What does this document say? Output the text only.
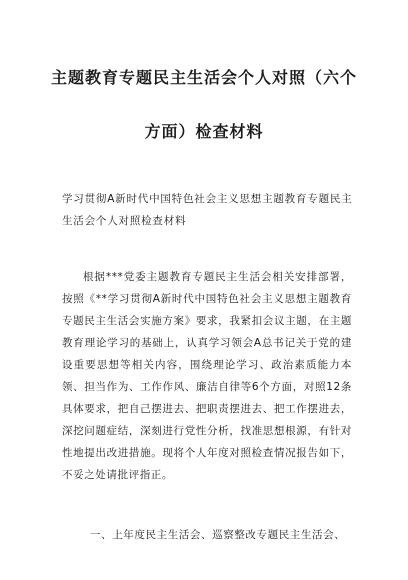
主题教育专题民主生活会个人对照（六个
方面）检查材料

学习贯彻A新时代中国特色社会主义思想主题教育专题民主生活会个人对照检查材料

根据***党委主题教育专题民主生活会相关安排部署，按照《**学习贯彻A新时代中国特色社会主义思想主题教育专题民主生活会实施方案》要求，我紧扣会议主题，在主题教育理论学习的基础上，认真学习领会A总书记关于党的建设重要思想等相关内容，围绕理论学习、政治素质能力本领、担当作为、工作作风、廉洁自律等6个方面，对照12条具体要求，把自己摆进去、把职责摆进去、把工作摆进去，深挖问题症结，深刻进行党性分析，找准思想根源，有针对性地提出改进措施。现将个人年度对照检查情况报告如下，不妥之处请批评指正。

一、上年度民主生活会、巡察整改专题民主生活会、
